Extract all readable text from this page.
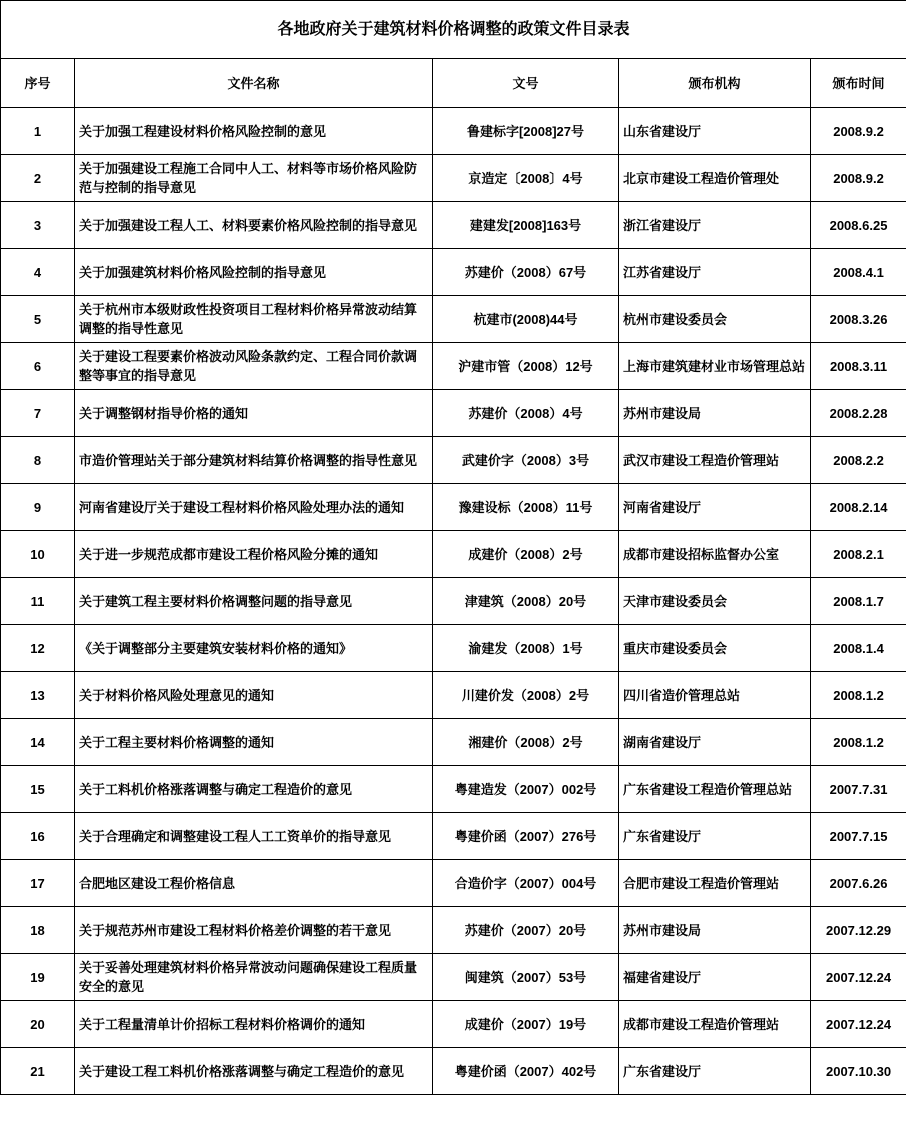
各地政府关于建筑材料价格调整的政策文件目录表				
序号	文件名称	文号	颁布机构	颁布时间
1	关于加强工程建设材料价格风险控制的意见	鲁建标字[2008]27号	山东省建设厅	2008.9.2
2	关于加强建设工程施工合同中人工、材料等市场价格风险防范与控制的指导意见	京造定〔2008〕4号	北京市建设工程造价管理处	2008.9.2
3	关于加强建设工程人工、材料要素价格风险控制的指导意见	建建发[2008]163号	浙江省建设厅	2008.6.25
4	关于加强建筑材料价格风险控制的指导意见	苏建价（2008）67号	江苏省建设厅	2008.4.1
5	关于杭州市本级财政性投资项目工程材料价格异常波动结算调整的指导性意见	杭建市(2008)44号	杭州市建设委员会	2008.3.26
6	关于建设工程要素价格波动风险条款约定、工程合同价款调整等事宜的指导意见	沪建市管（2008）12号	上海市建筑建材业市场管理总站	2008.3.11
7	关于调整钢材指导价格的通知	苏建价（2008）4号	苏州市建设局	2008.2.28
8	市造价管理站关于部分建筑材料结算价格调整的指导性意见	武建价字（2008）3号	武汉市建设工程造价管理站	2008.2.2
9	河南省建设厅关于建设工程材料价格风险处理办法的通知	豫建设标（2008）11号	河南省建设厅	2008.2.14
10	关于进一步规范成都市建设工程价格风险分摊的通知	成建价（2008）2号	成都市建设招标监督办公室	2008.2.1
11	关于建筑工程主要材料价格调整问题的指导意见	津建筑（2008）20号	天津市建设委员会	2008.1.7
12	《关于调整部分主要建筑安装材料价格的通知》	渝建发（2008）1号	重庆市建设委员会	2008.1.4
13	关于材料价格风险处理意见的通知	川建价发（2008）2号	四川省造价管理总站	2008.1.2
14	关于工程主要材料价格调整的通知	湘建价（2008）2号	湖南省建设厅	2008.1.2
15	关于工料机价格涨落调整与确定工程造价的意见	粤建造发（2007）002号	广东省建设工程造价管理总站	2007.7.31
16	关于合理确定和调整建设工程人工工资单价的指导意见	粤建价函（2007）276号	广东省建设厅	2007.7.15
17	合肥地区建设工程价格信息	合造价字（2007）004号	合肥市建设工程造价管理站	2007.6.26
18	关于规范苏州市建设工程材料价格差价调整的若干意见	苏建价（2007）20号	苏州市建设局	2007.12.29
19	关于妥善处理建筑材料价格异常波动问题确保建设工程质量安全的意见	闽建筑（2007）53号	福建省建设厅	2007.12.24
20	关于工程量清单计价招标工程材料价格调价的通知	成建价（2007）19号	成都市建设工程造价管理站	2007.12.24
21	关于建设工程工料机价格涨落调整与确定工程造价的意见	粤建价函（2007）402号	广东省建设厅	2007.10.30
